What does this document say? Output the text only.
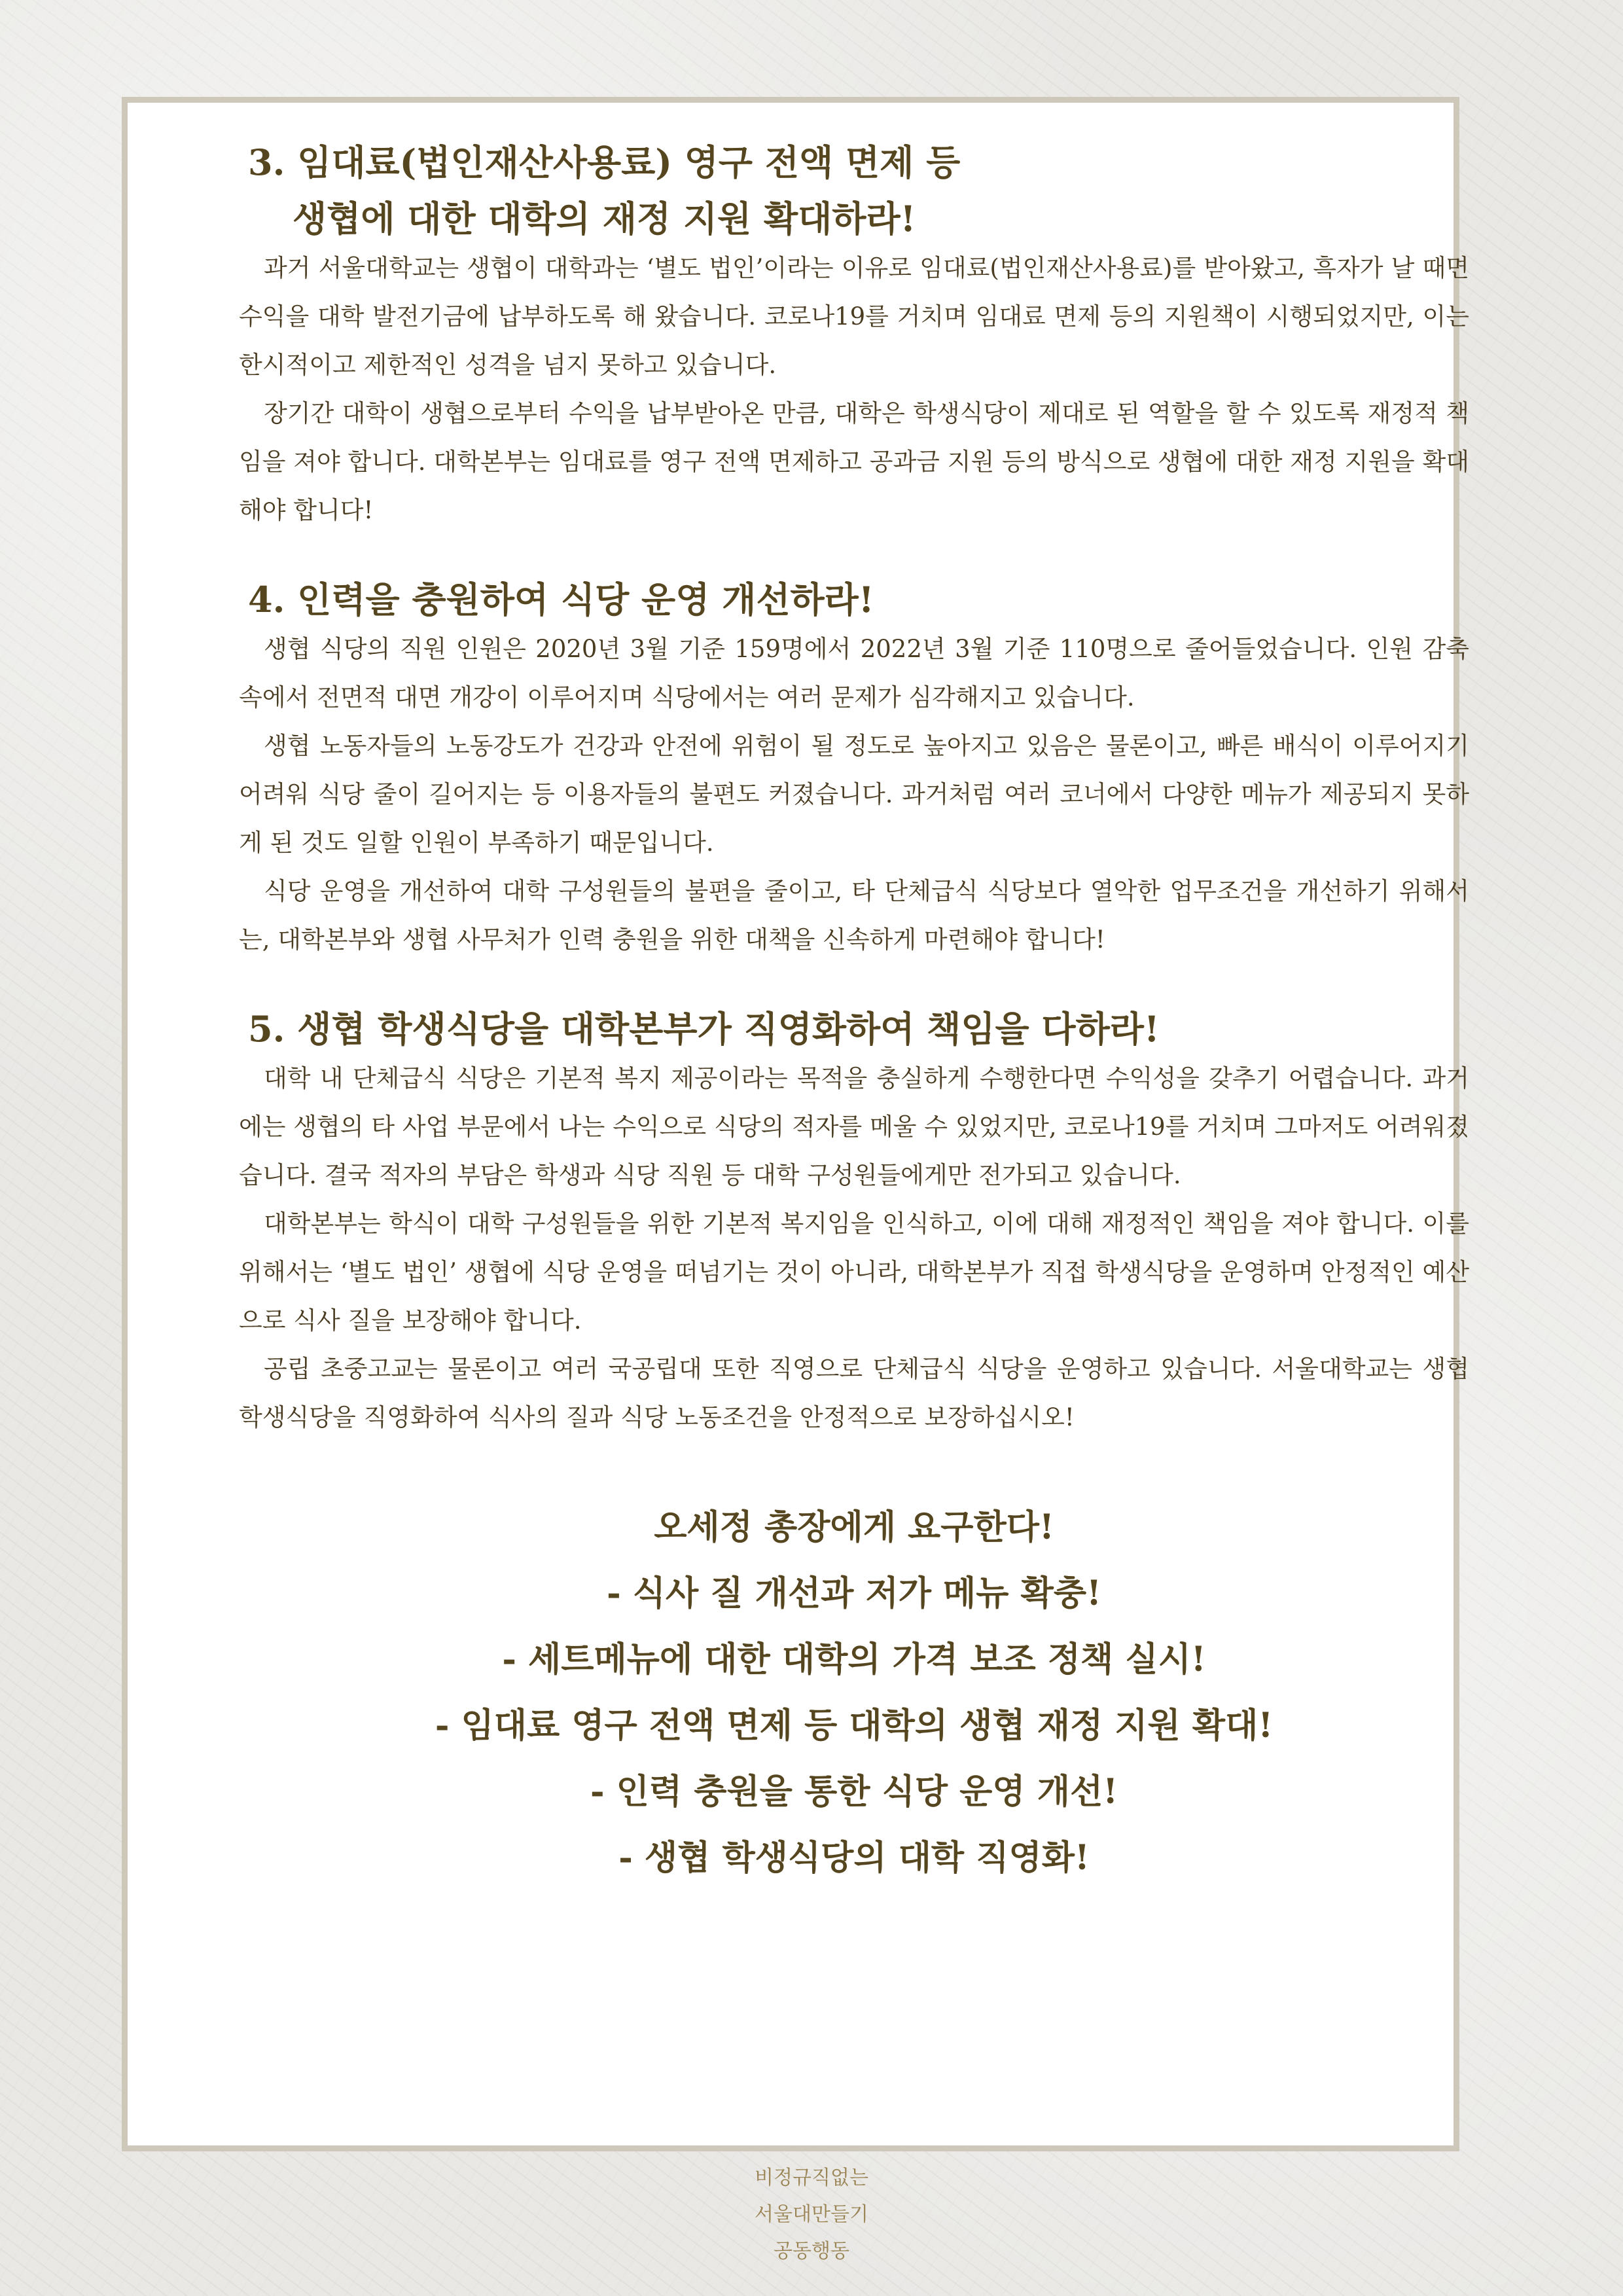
3. 임대료(법인재산사용료) 영구 전액 면제 등
생협에 대한 대학의 재정 지원 확대하라!

과거 서울대학교는 생협이 대학과는 ‘별도 법인’이라는 이유로 임대료(법인재산사용료)를 받아왔고, 흑자가 날 때면 수익을 대학 발전기금에 납부하도록 해 왔습니다. 코로나19를 거치며 임대료 면제 등의 지원책이 시행되었지만, 이는 한시적이고 제한적인 성격을 넘지 못하고 있습니다.

장기간 대학이 생협으로부터 수익을 납부받아온 만큼, 대학은 학생식당이 제대로 된 역할을 할 수 있도록 재정적 책임을 져야 합니다. 대학본부는 임대료를 영구 전액 면제하고 공과금 지원 등의 방식으로 생협에 대한 재정 지원을 확대해야 합니다!

4. 인력을 충원하여 식당 운영 개선하라!

생협 식당의 직원 인원은 2020년 3월 기준 159명에서 2022년 3월 기준 110명으로 줄어들었습니다. 인원 감축 속에서 전면적 대면 개강이 이루어지며 식당에서는 여러 문제가 심각해지고 있습니다.

생협 노동자들의 노동강도가 건강과 안전에 위험이 될 정도로 높아지고 있음은 물론이고, 빠른 배식이 이루어지기 어려워 식당 줄이 길어지는 등 이용자들의 불편도 커졌습니다. 과거처럼 여러 코너에서 다양한 메뉴가 제공되지 못하게 된 것도 일할 인원이 부족하기 때문입니다.

식당 운영을 개선하여 대학 구성원들의 불편을 줄이고, 타 단체급식 식당보다 열악한 업무조건을 개선하기 위해서는, 대학본부와 생협 사무처가 인력 충원을 위한 대책을 신속하게 마련해야 합니다!

5. 생협 학생식당을 대학본부가 직영화하여 책임을 다하라!

대학 내 단체급식 식당은 기본적 복지 제공이라는 목적을 충실하게 수행한다면 수익성을 갖추기 어렵습니다. 과거에는 생협의 타 사업 부문에서 나는 수익으로 식당의 적자를 메울 수 있었지만, 코로나19를 거치며 그마저도 어려워졌습니다. 결국 적자의 부담은 학생과 식당 직원 등 대학 구성원들에게만 전가되고 있습니다.

대학본부는 학식이 대학 구성원들을 위한 기본적 복지임을 인식하고, 이에 대해 재정적인 책임을 져야 합니다. 이를 위해서는 ‘별도 법인’ 생협에 식당 운영을 떠넘기는 것이 아니라, 대학본부가 직접 학생식당을 운영하며 안정적인 예산으로 식사 질을 보장해야 합니다.

공립 초중고교는 물론이고 여러 국공립대 또한 직영으로 단체급식 식당을 운영하고 있습니다. 서울대학교는 생협 학생식당을 직영화하여 식사의 질과 식당 노동조건을 안정적으로 보장하십시오!

오세정 총장에게 요구한다!

- 식사 질 개선과 저가 메뉴 확충!

- 세트메뉴에 대한 대학의 가격 보조 정책 실시!

- 임대료 영구 전액 면제 등 대학의 생협 재정 지원 확대!

- 인력 충원을 통한 식당 운영 개선!

- 생협 학생식당의 대학 직영화!

비정규직없는

서울대만들기

공동행동
